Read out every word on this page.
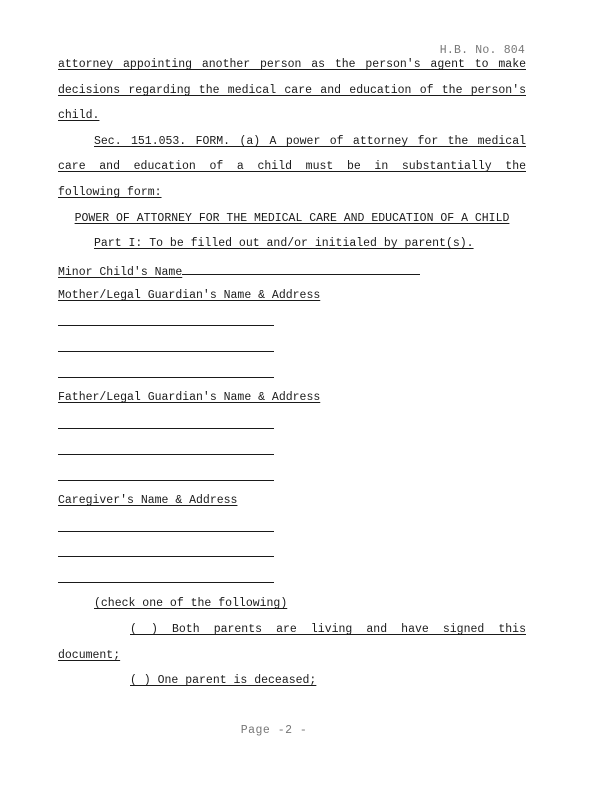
H.B. No. 804
attorney appointing another person as the person's agent to make
decisions regarding the medical care and education of the person's
child.
Sec. 151.053. FORM. (a) A power of attorney for the medical
care and education of a child must be in substantially the
following form:
POWER OF ATTORNEY FOR THE MEDICAL CARE AND EDUCATION OF A CHILD
Part I: To be filled out and/or initialed by parent(s).
Minor Child's Name
Mother/Legal Guardian's Name & Address
Father/Legal Guardian's Name & Address
Caregiver's Name & Address
(check one of the following)
( ) Both parents are living and have signed this
document;
( ) One parent is deceased;
Page -2 -
